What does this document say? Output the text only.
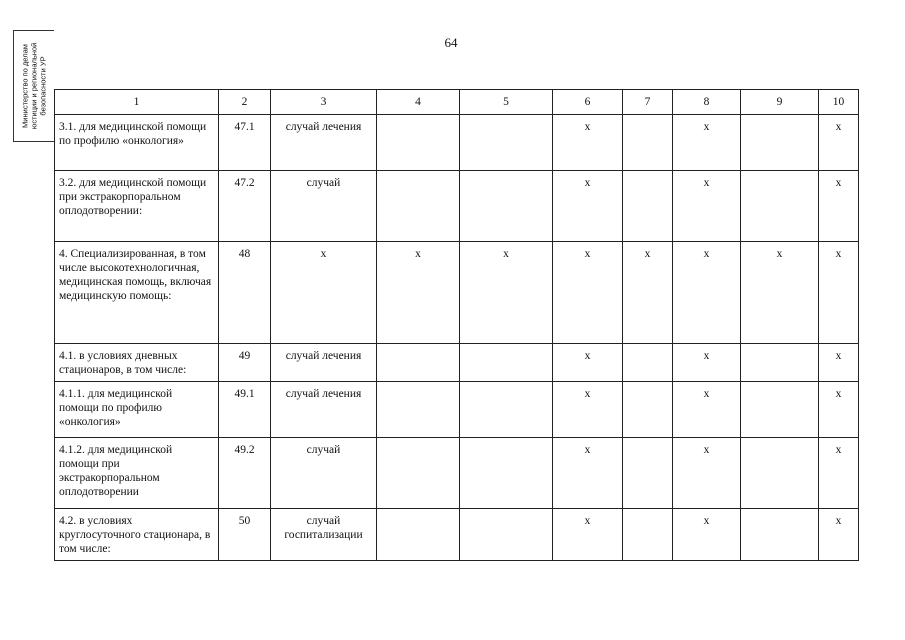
64
Министерство по делам юстиции и региональной безопасности УР	1	2	3	4	5	6	7	8	9	10
3.1. для медицинской помощи по профилю «онкология»	47.1	случай лечения			x		x		x
3.2. для медицинской помощи при экстракорпоральном оплодотворении:	47.2	случай			x		x		x
4. Специализированная, в том числе высокотехнологичная, медицинская помощь, включая медицинскую помощь:	48	x	x	x	x	x	x	x	x
4.1. в условиях дневных стационаров, в том числе:	49	случай лечения			x		x		x
4.1.1. для медицинской помощи по профилю «онкология»	49.1	случай лечения			x		x		x
4.1.2. для медицинской помощи при экстракорпоральном оплодотворении	49.2	случай			x		x		x
4.2. в условиях круглосуточного стационара, в том числе:	50	случай госпитализации			x		x		x
